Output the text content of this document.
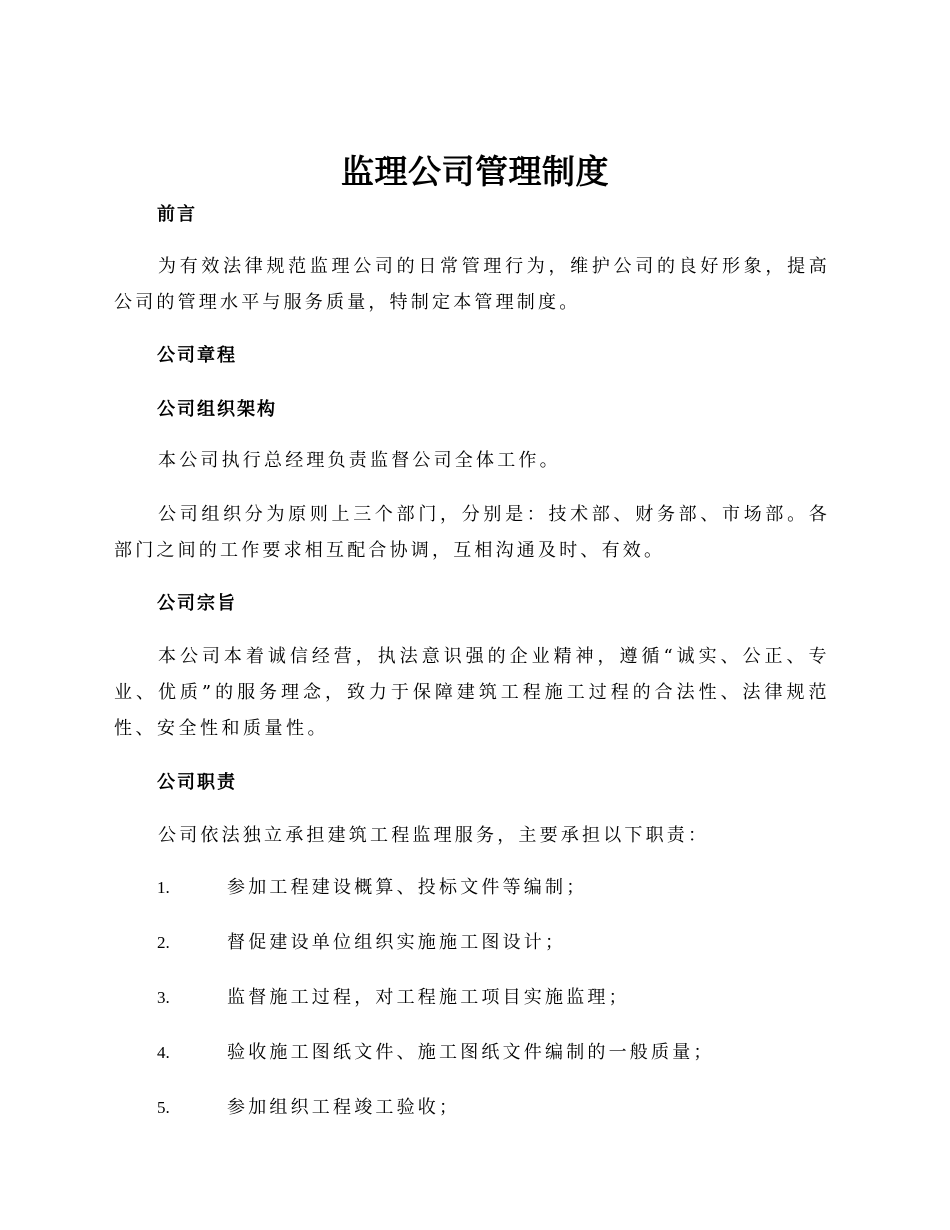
监理公司管理制度
前言
为有效法律规范监理公司的日常管理行为，维护公司的良好形象，提高公司的管理水平与服务质量，特制定本管理制度。
公司章程
公司组织架构
本公司执行总经理负责监督公司全体工作。
公司组织分为原则上三个部门，分别是：技术部、财务部、市场部。各部门之间的工作要求相互配合协调，互相沟通及时、有效。
公司宗旨
本公司本着诚信经营，执法意识强的企业精神，遵循“诚实、公正、专业、优质”的服务理念，致力于保障建筑工程施工过程的合法性、法律规范性、安全性和质量性。
公司职责
公司依法独立承担建筑工程监理服务，主要承担以下职责：
1.	参加工程建设概算、投标文件等编制；
2.	督促建设单位组织实施施工图设计；
3.	监督施工过程，对工程施工项目实施监理；
4.	验收施工图纸文件、施工图纸文件编制的一般质量；
5.	参加组织工程竣工验收；
